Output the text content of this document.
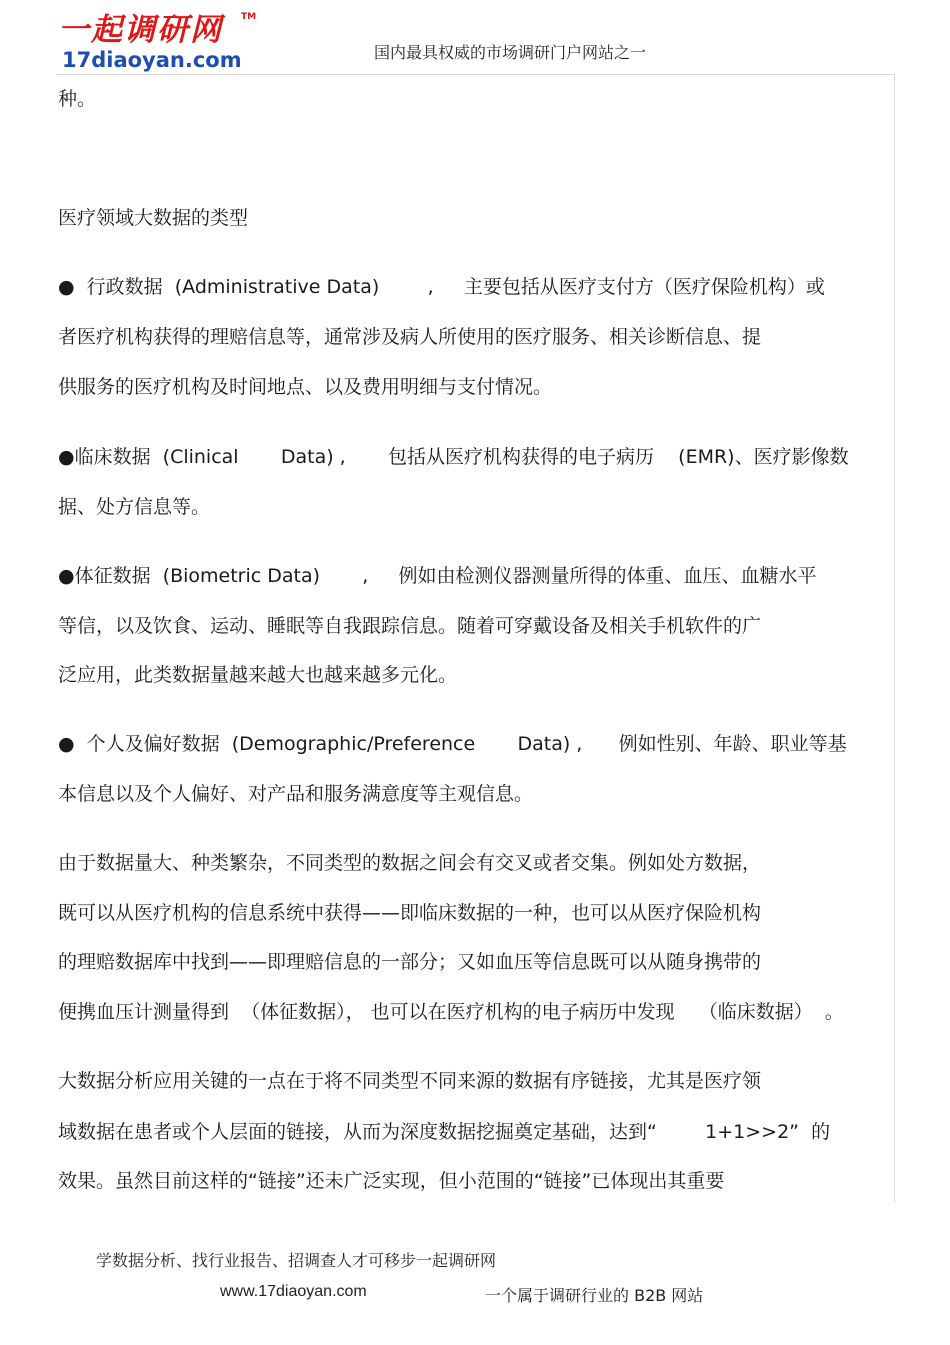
一起调研网 TM
17diaoyan.com	国内最具权威的市场调研门户网站之一
种。
医疗领域大数据的类型
●  行政数据  (Administrative Data)        ,     主要包括从医疗支付方（医疗保险机构）或
者医疗机构获得的理赔信息等，通常涉及病人所使用的医疗服务、相关诊断信息、提
供服务的医疗机构及时间地点、以及费用明细与支付情况。
●临床数据  (Clinical       Data) ,       包括从医疗机构获得的电子病历    (EMR)、医疗影像数
据、处方信息等。
●体征数据  (Biometric Data)       ,     例如由检测仪器测量所得的体重、血压、血糖水平
等信，以及饮食、运动、睡眠等自我跟踪信息。随着可穿戴设备及相关手机软件的广
泛应用，此类数据量越来越大也越来越多元化。
●  个人及偏好数据  (Demographic/Preference       Data) ,      例如性别、年龄、职业等基
本信息以及个人偏好、对产品和服务满意度等主观信息。
由于数据量大、种类繁杂，不同类型的数据之间会有交叉或者交集。例如处方数据，
既可以从医疗机构的信息系统中获得——即临床数据的一种，也可以从医疗保险机构
的理赔数据库中找到——即理赔信息的一部分；又如血压等信息既可以从随身携带的
便携血压计测量得到  （体征数据）， 也可以在医疗机构的电子病历中发现    （临床数据）  。
大数据分析应用关键的一点在于将不同类型不同来源的数据有序链接，尤其是医疗领
域数据在患者或个人层面的链接，从而为深度数据挖掘奠定基础，达到“        1+1>>2”  的
效果。虽然目前这样的“链接”还未广泛实现，但小范围的“链接”已体现出其重要
学数据分析、找行业报告、招调查人才可移步一起调研网
www.17diaoyan.com	一个属于调研行业的 B2B 网站
